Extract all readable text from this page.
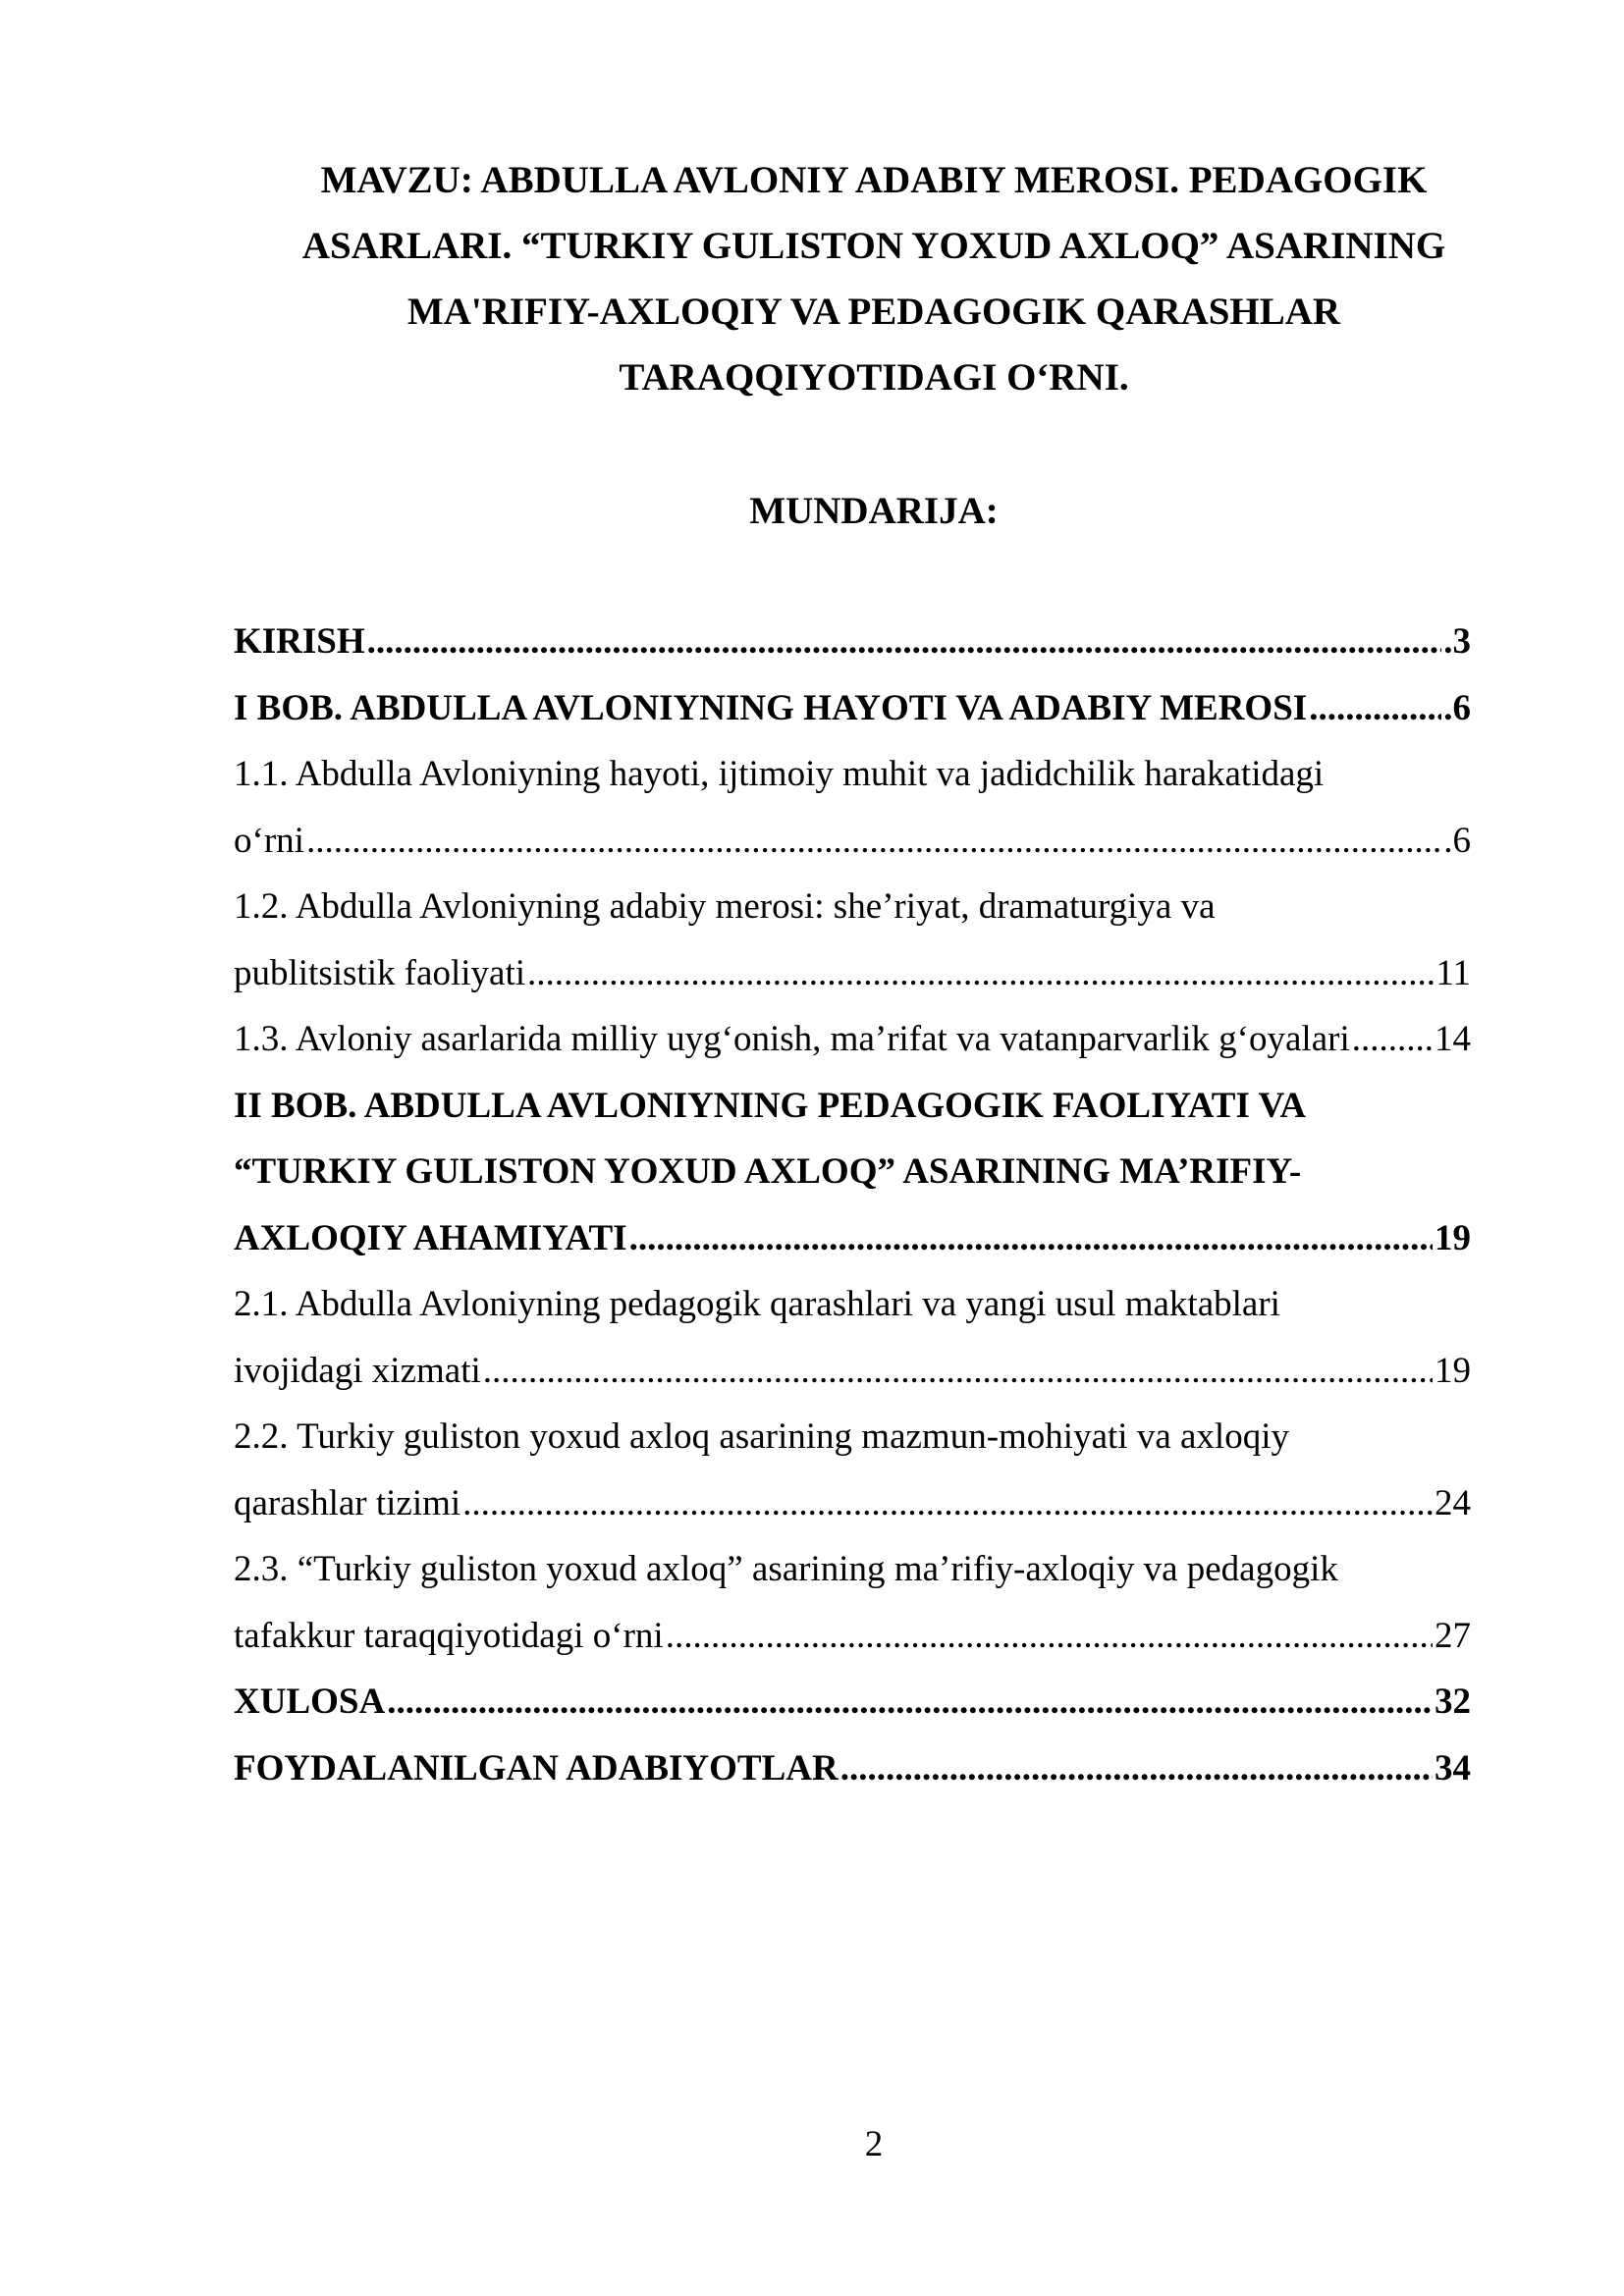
MAVZU: ABDULLA AVLONIY ADABIY MEROSI. PEDAGOGIK
ASARLARI. “TURKIY GULISTON YOXUD AXLOQ” ASARINING
MA'RIFIY-AXLOQIY VA PEDAGOGIK QARASHLAR
TARAQQIYOTIDAGI O‘RNI.
MUNDARIJA:
KIRISH .....	.3
I BOB. ABDULLA AVLONIYNING HAYOTI VA ADABIY MEROSI .....	.6
1.1. Abdulla Avloniyning hayoti, ijtimoiy muhit va jadidchilik harakatidagi
o‘rni .....	.6
1.2. Abdulla Avloniyning adabiy merosi: she’riyat, dramaturgiya va
publitsistik faoliyati .....	11
1.3. Avloniy asarlarida milliy uyg‘onish, ma’rifat va vatanparvarlik g‘oyalari ..... 14
II BOB. ABDULLA AVLONIYNING PEDAGOGIK FAOLIYATI VA
“TURKIY GULISTON YOXUD AXLOQ” ASARINING MA’RIFIY-
AXLOQIY AHAMIYATI .....	19
2.1. Abdulla Avloniyning pedagogik qarashlari va yangi usul maktablari
ivojidagi xizmati .....	19
2.2. Turkiy guliston yoxud axloq asarining mazmun-mohiyati va axloqiy
qarashlar tizimi .....	24
2.3. “Turkiy guliston yoxud axloq” asarining ma’rifiy-axloqiy va pedagogik
tafakkur taraqqiyotidagi o‘rni .....	27
XULOSA .....	32
FOYDALANILGAN ADABIYOTLAR .....	34
2
